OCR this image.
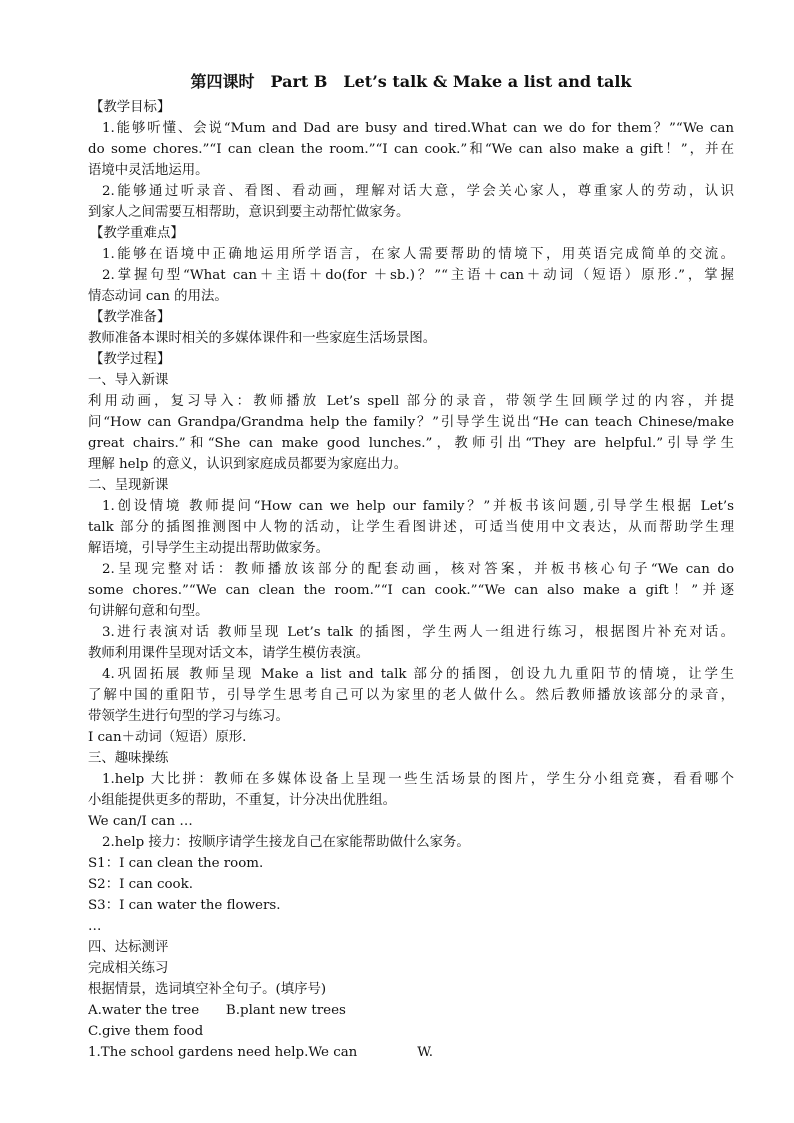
第四课时　Part B　Let’s talk & Make a list and talk
【教学目标】
1.能够听懂、会说“Mum and Dad are busy and tired.What can we do for them？”“We can
do some chores.”“I can clean the room.”“I can cook.”和“We can also make a gift！”，并在
语境中灵活地运用。
2.能够通过听录音、看图、看动画，理解对话大意，学会关心家人，尊重家人的劳动，认识
到家人之间需要互相帮助，意识到要主动帮忙做家务。
【教学重难点】
1.能够在语境中正确地运用所学语言，在家人需要帮助的情境下，用英语完成简单的交流。
2.掌握句型“What can＋主语＋do(for ＋sb.)？”“主语＋can＋动词（短语）原形.”，掌握
情态动词 can 的用法。
【教学准备】
教师准备本课时相关的多媒体课件和一些家庭生活场景图。
【教学过程】
一、导入新课
利用动画，复习导入：教师播放 Let’s spell 部分的录音，带领学生回顾学过的内容，并提
问“How can Grandpa/Grandma help the family？”引导学生说出“He can teach Chinese/make
great chairs.”和“She can make good lunches.”，教师引出“They are helpful.”引导学生
理解 help 的意义，认识到家庭成员都要为家庭出力。
二、呈现新课
1.创设情境 教师提问“How can we help our family？”并板书该问题,引导学生根据 Let’s
talk 部分的插图推测图中人物的活动，让学生看图讲述，可适当使用中文表达，从而帮助学生理
解语境，引导学生主动提出帮助做家务。
2.呈现完整对话：教师播放该部分的配套动画，核对答案，并板书核心句子“We can do
some chores.”“We can clean the room.”“I can cook.”“We can also make a gift！”并逐
句讲解句意和句型。
3.进行表演对话 教师呈现 Let’s talk 的插图，学生两人一组进行练习，根据图片补充对话。
教师利用课件呈现对话文本，请学生模仿表演。
4.巩固拓展 教师呈现 Make a list and talk 部分的插图，创设九九重阳节的情境，让学生
了解中国的重阳节，引导学生思考自己可以为家里的老人做什么。然后教师播放该部分的录音，
带领学生进行句型的学习与练习。
I can＋动词（短语）原形.
三、趣味操练
1.help 大比拼：教师在多媒体设备上呈现一些生活场景的图片，学生分小组竞赛，看看哪个
小组能提供更多的帮助，不重复，计分决出优胜组。
We can/I can …
2.help 接力：按顺序请学生接龙自己在家能帮助做什么家务。
S1：I can clean the room.
S2：I can cook.
S3：I can water the flowers.
…
四、达标测评
完成相关练习
根据情景，选词填空补全句子。(填序号)
A.water the tree　　B.plant new trees
C.give them food
1.The school gardens need help.We can	W.
